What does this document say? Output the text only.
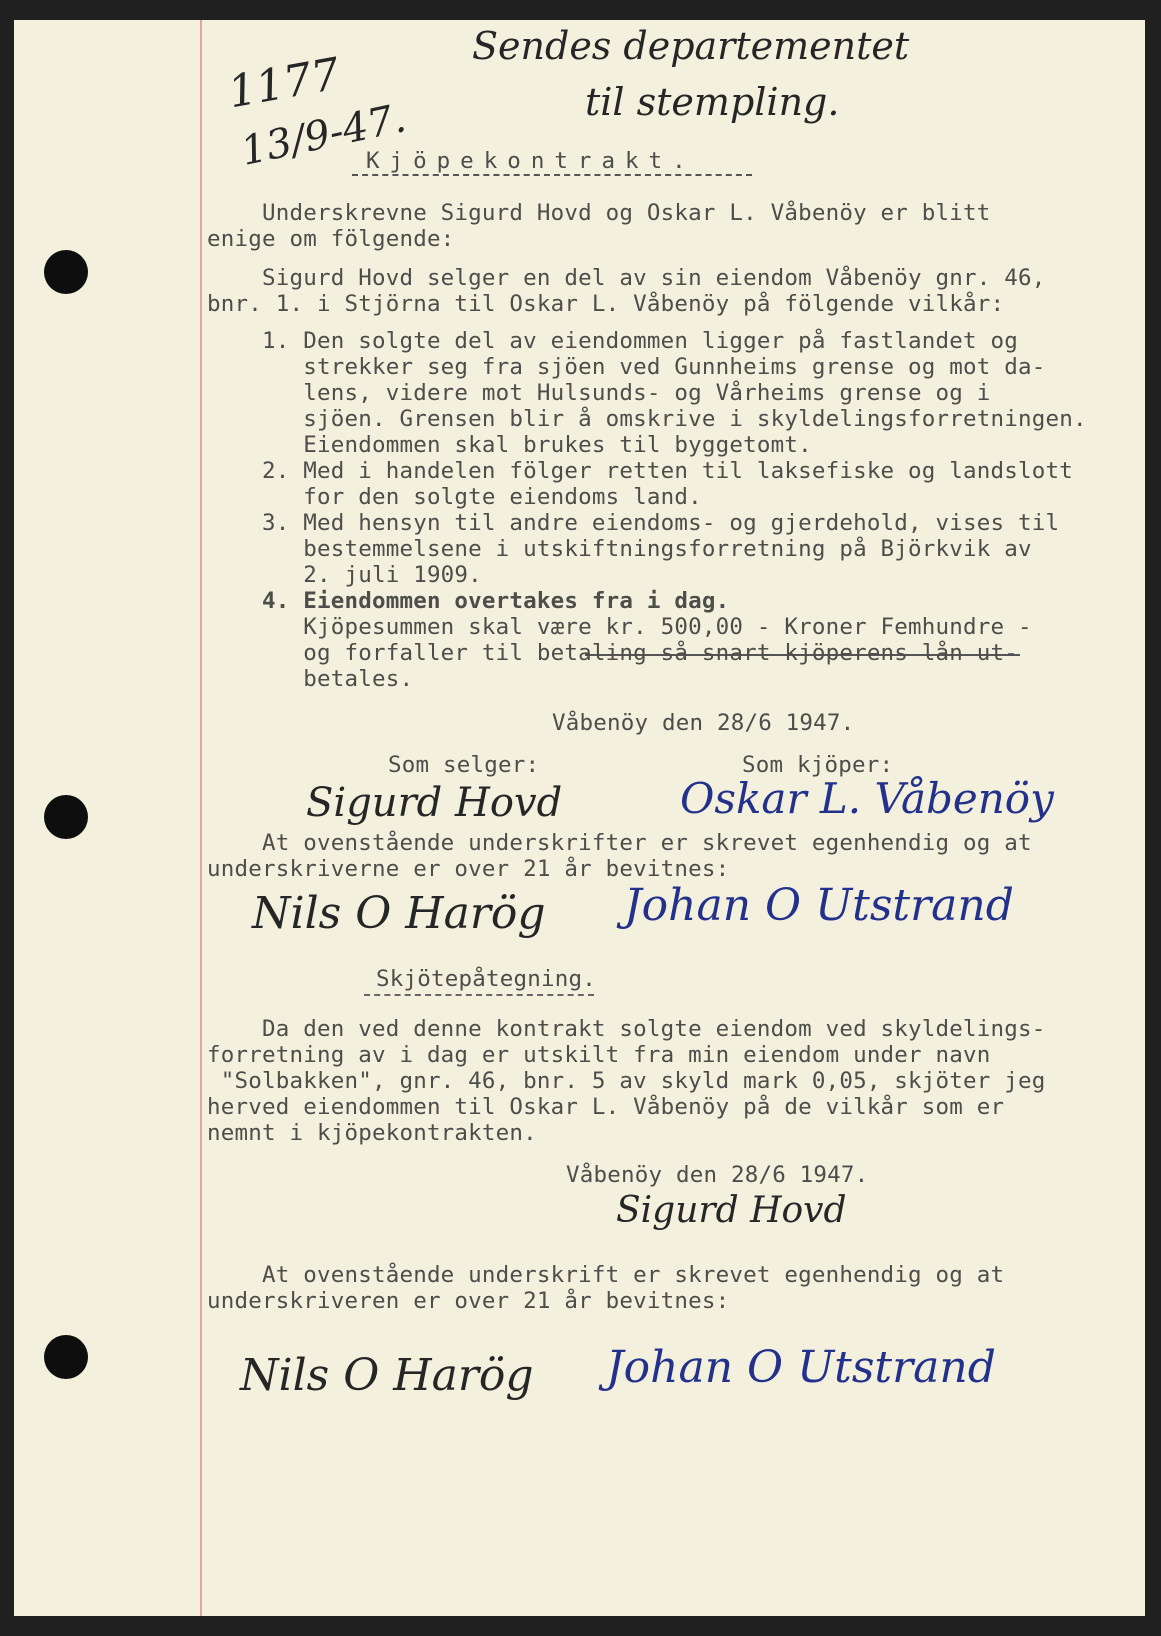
1177

13/9-47.

Sendes departementet

til stempling.

Kjöpekontrakt.

Underskrevne Sigurd Hovd og Oskar L. Våbenöy er blitt

enige om fölgende:

Sigurd Hovd selger en del av sin eiendom Våbenöy gnr. 46,

bnr. 1. i Stjörna til Oskar L. Våbenöy på fölgende vilkår:

1. Den solgte del av eiendommen ligger på fastlandet og

strekker seg fra sjöen ved Gunnheims grense og mot da-

lens, videre mot Hulsunds- og Vårheims grense og i

sjöen. Grensen blir å omskrive i skyldelingsforretningen.

Eiendommen skal brukes til byggetomt.

2. Med i handelen fölger retten til laksefiske og landslott

for den solgte eiendoms land.

3. Med hensyn til andre eiendoms- og gjerdehold, vises til

bestemmelsene i utskiftningsforretning på Björkvik av

2. juli 1909.

4. Eiendommen overtakes fra i dag.

Kjöpesummen skal være kr. 500,00 - Kroner Femhundre -

og forfaller til betaling så snart kjöperens lån ut-

betales.

Våbenöy den 28/6 1947.

Som selger:	Som kjöper:

Sigurd Hovd	Oskar L. Våbenöy

At ovenstående underskrifter er skrevet egenhendig og at

underskriverne er over 21 år bevitnes:

Nils O Harög Johan O Utstrand

Skjötepåtegning.

Da den ved denne kontrakt solgte eiendom ved skyldelings-

forretning av i dag er utskilt fra min eiendom under navn

"Solbakken", gnr. 46, bnr. 5 av skyld mark 0,05, skjöter jeg

herved eiendommen til Oskar L. Våbenöy på de vilkår som er

nemnt i kjöpekontrakten.

Våbenöy den 28/6 1947.

Sigurd Hovd

At ovenstående underskrift er skrevet egenhendig og at

underskriveren er over 21 år bevitnes:

Nils O Harög Johan O Utstrand
